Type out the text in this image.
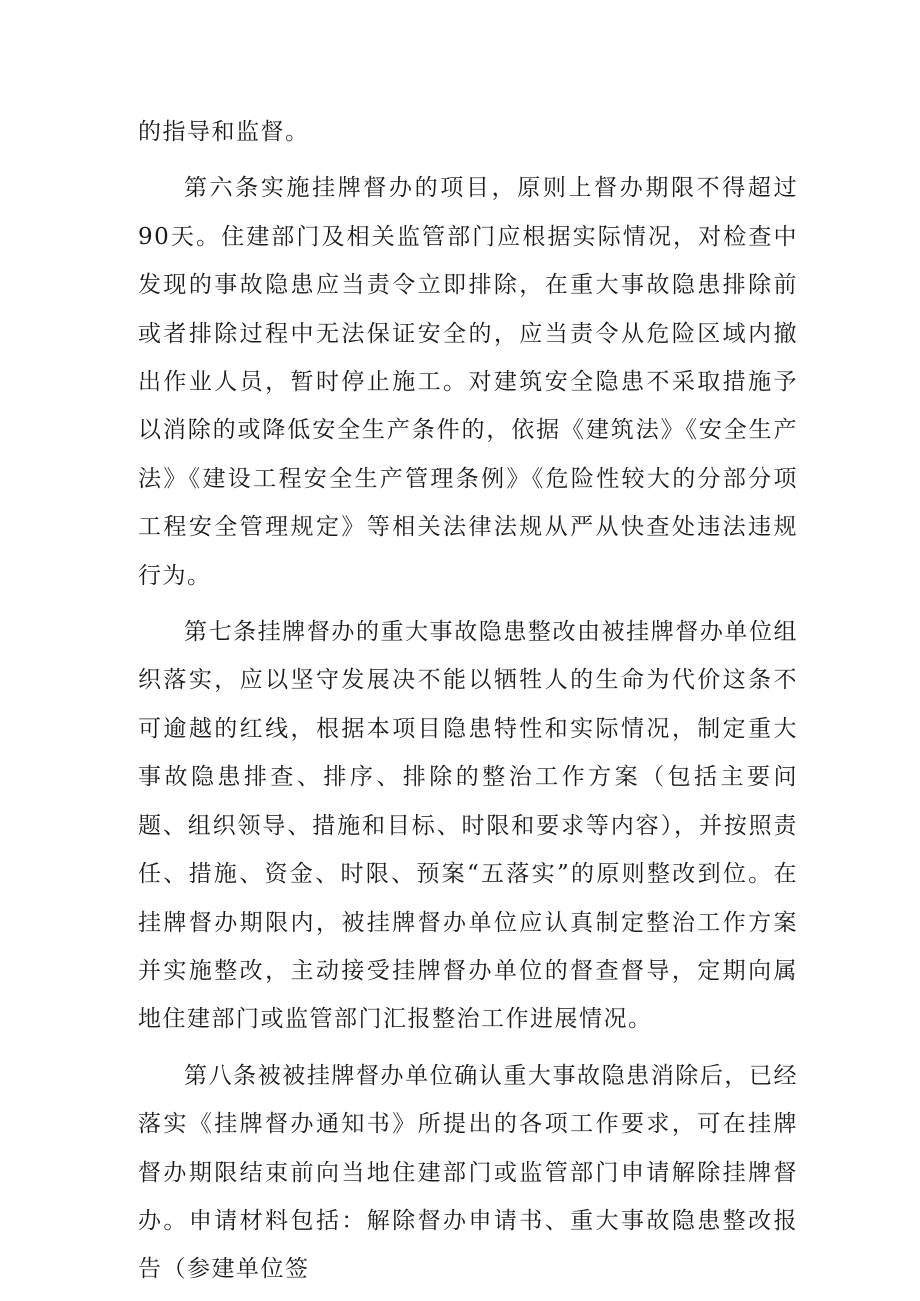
的指导和监督。

第六条实施挂牌督办的项目，原则上督办期限不得超过90天。住建部门及相关监管部门应根据实际情况，对检查中发现的事故隐患应当责令立即排除，在重大事故隐患排除前或者排除过程中无法保证安全的，应当责令从危险区域内撤出作业人员，暂时停止施工。对建筑安全隐患不采取措施予以消除的或降低安全生产条件的，依据《建筑法》《安全生产法》《建设工程安全生产管理条例》《危险性较大的分部分项工程安全管理规定》等相关法律法规从严从快查处违法违规行为。

第七条挂牌督办的重大事故隐患整改由被挂牌督办单位组织落实，应以坚守发展决不能以牺牲人的生命为代价这条不可逾越的红线，根据本项目隐患特性和实际情况，制定重大事故隐患排查、排序、排除的整治工作方案（包括主要问题、组织领导、措施和目标、时限和要求等内容），并按照责任、措施、资金、时限、预案“五落实”的原则整改到位。在挂牌督办期限内，被挂牌督办单位应认真制定整治工作方案并实施整改，主动接受挂牌督办单位的督查督导，定期向属地住建部门或监管部门汇报整治工作进展情况。

第八条被被挂牌督办单位确认重大事故隐患消除后，已经落实《挂牌督办通知书》所提出的各项工作要求，可在挂牌督办期限结束前向当地住建部门或监管部门申请解除挂牌督办。申请材料包括：解除督办申请书、重大事故隐患整改报告（参建单位签
